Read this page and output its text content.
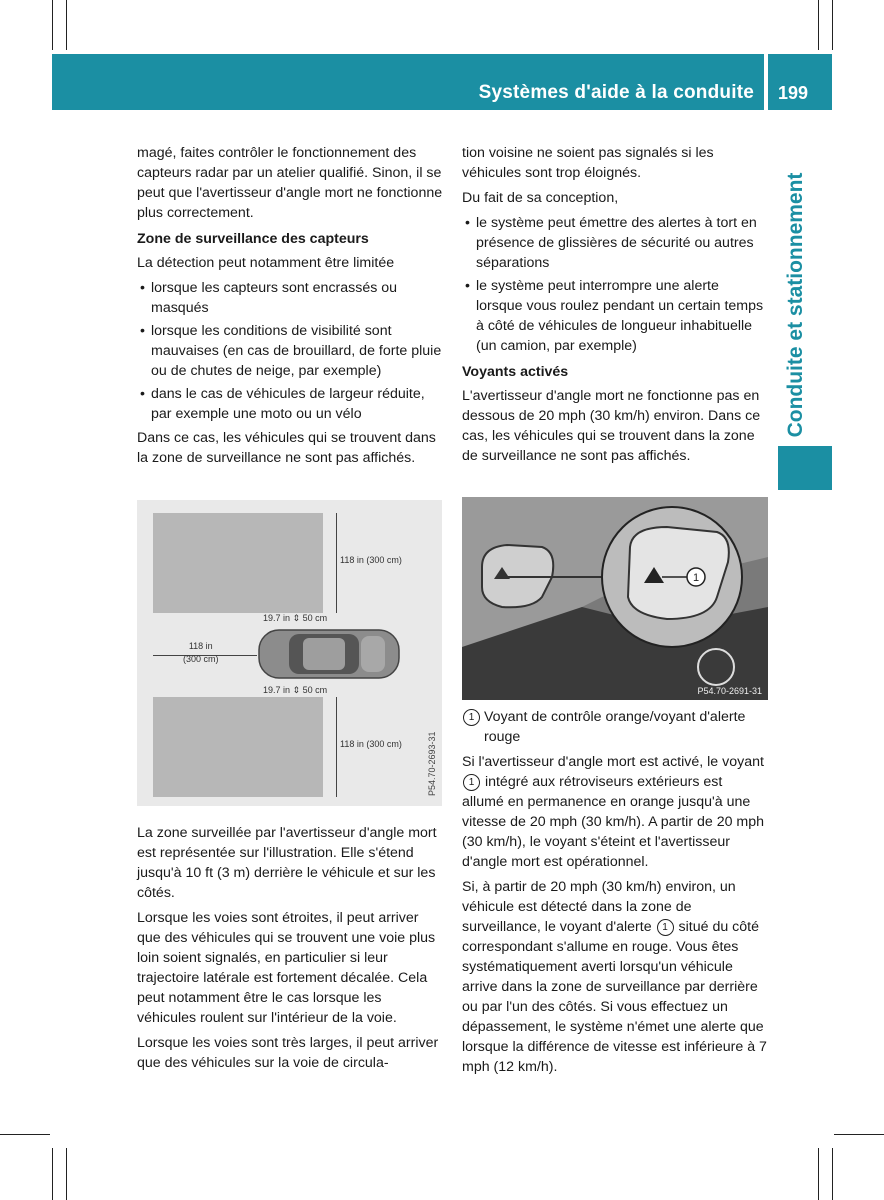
Systèmes d'aide à la conduite 199
Conduite et stationnement

magé, faites contrôler le fonctionnement des capteurs radar par un atelier qualifié. Sinon, il se peut que l'avertisseur d'angle mort ne fonctionne plus correctement.

Zone de surveillance des capteurs

La détection peut notamment être limitée

• lorsque les capteurs sont encrassés ou masqués
• lorsque les conditions de visibilité sont mauvaises (en cas de brouillard, de forte pluie ou de chutes de neige, par exemple)
• dans le cas de véhicules de largeur réduite, par exemple une moto ou un vélo

Dans ce cas, les véhicules qui se trouvent dans la zone de surveillance ne sont pas affichés.

118 in (300 cm)
118 in (300 cm)
19.7 in ⇕ 50 cm
19.7 in ⇕ 50 cm
118 in
(300 cm)
P54.70-2693-31

La zone surveillée par l'avertisseur d'angle mort est représentée sur l'illustration. Elle s'étend jusqu'à 10 ft (3 m) derrière le véhicule et sur les côtés.

Lorsque les voies sont étroites, il peut arriver que des véhicules qui se trouvent une voie plus loin soient signalés, en particulier si leur trajectoire latérale est fortement décalée. Cela peut notamment être le cas lorsque les véhicules roulent sur l'intérieur de la voie.

Lorsque les voies sont très larges, il peut arriver que des véhicules sur la voie de circula-

tion voisine ne soient pas signalés si les véhicules sont trop éloignés.

Du fait de sa conception,

• le système peut émettre des alertes à tort en présence de glissières de sécurité ou autres séparations
• le système peut interrompre une alerte lorsque vous roulez pendant un certain temps à côté de véhicules de longueur inhabituelle (un camion, par exemple)
Voyants activés

L'avertisseur d'angle mort ne fonctionne pas en dessous de 20 mph (30 km/h) environ. Dans ce cas, les véhicules qui se trouvent dans la zone de surveillance ne sont pas affichés.

1
P54.70-2691-31

1 Voyant de contrôle orange/voyant d'alerte rouge

Si l'avertisseur d'angle mort est activé, le voyant 1 intégré aux rétroviseurs extérieurs est allumé en permanence en orange jusqu'à une vitesse de 20 mph (30 km/h). A partir de 20 mph (30 km/h), le voyant s'éteint et l'avertisseur d'angle mort est opérationnel.

Si, à partir de 20 mph (30 km/h) environ, un véhicule est détecté dans la zone de surveillance, le voyant d'alerte 1 situé du côté correspondant s'allume en rouge. Vous êtes systématiquement averti lorsqu'un véhicule arrive dans la zone de surveillance par derrière ou par l'un des côtés. Si vous effectuez un dépassement, le système n'émet une alerte que lorsque la différence de vitesse est inférieure à 7 mph (12 km/h).
